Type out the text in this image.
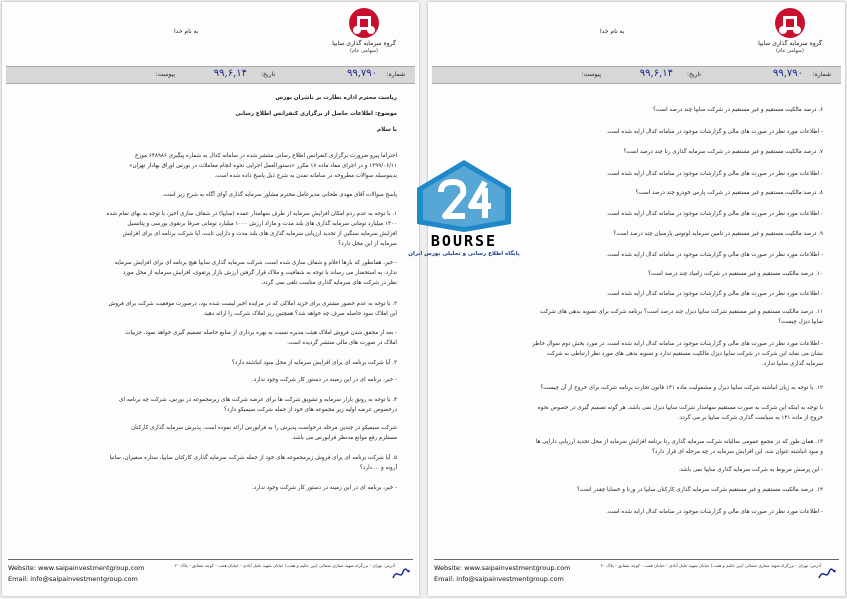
به نام خدا
گروه سرمایه گذاری سایپا
(سهامی عام)
شماره:
۹۹,۷۹۰
تاریخ:
۹۹,۶,۱۴
پیوست:
ریاست محترم اداره نظارت بر ناشران بورس
موضوع: اطلاعات حاصل از برگزاری کنفرانس اطلاع رسانی
با سلام
احتراما پیرو ضرورت برگزاری کنفرانس اطلاع رسانی منتشر شده در سامانه کدال به شماره پیگیری ۶۴۸۹۸۶ مورخ
۱۳۹۹/۰۶/۱۱ و در اجرای مفاد ماده ۱۷ مکرر «دستورالعمل اجرایی نحوه انجام معاملات در بورس اوراق بهادار تهران»
بدینوسیله سوالات مطروحه در سامانه تمدن به شرح ذیل پاسخ داده شده است.
پاسخ سوالات آقای مهدی طحانی مدیرعامل محترم مشاور سرمایه گذاری آوای آگاه به شرح زیر است.
۱. با توجه به عدم ردم امکان افزایش سرمایه از طرف سهامدار عمده (سایپا) در شقاف سازی اخیر، با توجه به بهای تمام شده
۱۴۰۰ میلیارد تومانی سرمایه گذاری های بلند مدت و مازاد ارزش ۱۰۰۰ میلیارد تومانی صرفا برنقوی بورسی و پتانسیل
افزایش سرمایه سنگین از تجدید ارزیابی سرمایه گذاری های بلند مدت و دارایی ثابت، آیا شرکت برنامه ای برای افزایش
سرمایه از این محل دارد؟
- خیر، همانطور که بارها اعلام و شفاف سازی شده است، شرکت سرمایه گذاری سایپا هیچ برنامه ای برای افزایش سرمایه
ندارد. به استحضار می رساند با توجه به شفافیت و ملاک قرار گرفتن ارزش بازار پرتفوی، افزایش سرمایه از محل مورد
نظر در شرکت های سرمایه گذاری مناسب تلقی نمی گردد.
۲. با توجه به عدم حضور مشتری برای خرید املاکی که در مزایده اخیر لیست شده بود، درصورت موفقیت شرکت برای فروش
این املاک سود حاصله صرف چه خواهد شد؟ همچنین ریز املاک شرکت را ارائه دهید.
- بعد از محقق شدن فروش املاک هیئت مدیره نسبت به بهره برداری از منابع حاصله تصمیم گیری خواهد نمود. جزییات
املاک در صورت های مالی منتشر گردیده است.
۳. آیا شرکت برنامه ای برای افزایش سرمایه از محل سود انباشته دارد؟
- خیر، برنامه ای در این زمینه در دستور کار شرکت وجود ندارد.
۴. با توجه به رونق بازار سرمایه و تشویق شرکت ها برای عرضه شرکت های زیرمجموعه در بورس، شرکت چه برنامه ای
درخصوص عرضه اولیه زیر مجموعه های خود از جمله شرکت سیمیکو دارد؟
شرکت سیمیکو در چندین مرحله درخواست پذیرش را به فرابورس ارائه نموده است. پذیرش سرمایه گذاری کارکنان
مستلزم رفع موانع مدنظر فرابورس می باشد.
۵. آیا شرکت برنامه ای برای فروش زیرمجموعه های خود از جمله شرکت سرمایه گذاری کارکنان سایپا، ستاره سفیران، ساتیا
آرونه و ... دارد؟
- خیر، برنامه ای در این زمینه در دستور کار شرکت وجود ندارد.
Website: www.saipainvestmentgroup.com
Email: info@saipainvestmentgroup.com
آدرس: تهران - بزرگراه شهید ستاری شمالی (بین حکیم و همت) خیابان شهید خلیل آبادی - خیابان همت - کوچه شقایق - پلاک ۲۰
به نام خدا
گروه سرمایه گذاری سایپا
(سهامی عام)
شماره:
۹۹,۷۹۰
تاریخ:
۹۹,۶,۱۴
پیوست:
۶. درصد مالکیت مستقیم و غیر مستقیم در شرکت سایپا چند درصد است؟
- اطلاعات مورد نظر در صورت های مالی و گزارشات موجود در سامانه کدال ارایه شده است.
۷. درصد مالکیت مستقیم و غیر مستقیم در شرکت سرمایه گذاری رنا چند درصد است؟
- اطلاعات مورد نظر در صورت های مالی و گزارشات موجود در سامانه کدال ارایه شده است.
۸. درصد مالکیت مستقیم و غیر مستقیم در شرکت پارس خودرو چند درصد است؟
- اطلاعات مورد نظر در صورت های مالی و گزارشات موجود در سامانه کدال ارایه شده است.
۹. درصد مالکیت مستقیم و غیر مستقیم در تامین سرمایه لوتوس پارسیان چند درصد است؟
- اطلاعات مورد نظر در صورت های مالی و گزارشات موجود در سامانه کدال ارایه شده است.
۱۰. درصد مالکیت مستقیم و غیر مستقیم در شرکت زامیاد چند درصد است؟
- اطلاعات مورد نظر در صورت های مالی و گزارشات موجود در سامانه کدال ارایه شده است.
۱۱. درصد مالکیت مستقیم و غیر مستقیم شرکت سایپا دیزل چند درصد است؟ برنامه شرکت برای تسویه بدهی های شرکت
سایپا دیزل چیست؟
- اطلاعات مورد نظر در صورت های مالی و گزارشات موجود در سامانه کدال ارایه شده است. در مورد بخش دوم سوال خاطر
نشان می نماید این شرکت در شرکت سایپا دیزل مالکیت مستقیم ندارد و تسویه بدهی های مورد نظر ارتباطی به شرکت
سرمایه گذاری سایپا ندارد.
۱۲. با توجه به زیان انباشته شرکت سایپا دیزل و مشمولیت ماده ۱۴۱ قانون تجارت برنامه شرکت برای خروج از آن چیست؟
با توجه به اینکه این شرکت به صورت مستقیم سهامدار شرکت سایپا دیزل نمی باشد، هر گونه تصمیم گیری در خصوص نحوه
خروج از ماده ۱۴۱ به سیاست گذاری شرکت سایپا بر می گردد.
۱۳. همان طور که در مجمع عمومی سالیانه شرکت سرمایه گذاری رنا برنامه افزایش سرمایه از محل تجدید ارزیابی دارایی ها
و سود انباشته عنوان شد، این افزایش سرمایه در چه مرحله ای قرار دارد؟
- این پرسش مربوط به شرکت سرمایه گذاری سایپا نمی باشد.
۱۴. درصد مالکیت مستقیم و غیر مستقیم شرکت سرمایه گذاری کارکنان سایپا در ورنا و خسایا چقدر است؟
- اطلاعات مورد نظر در صورت های مالی و گزارشات موجود در سامانه کدال ارایه شده است.
Website: www.saipainvestmentgroup.com
Email: info@saipainvestmentgroup.com
آدرس: تهران - بزرگراه شهید ستاری شمالی (بین حکیم و همت) خیابان شهید خلیل آبادی - خیابان همت - کوچه شقایق - پلاک ۲۰
BOURSE
پایگاه اطلاع رسانی و تحلیلی بورس ایران
